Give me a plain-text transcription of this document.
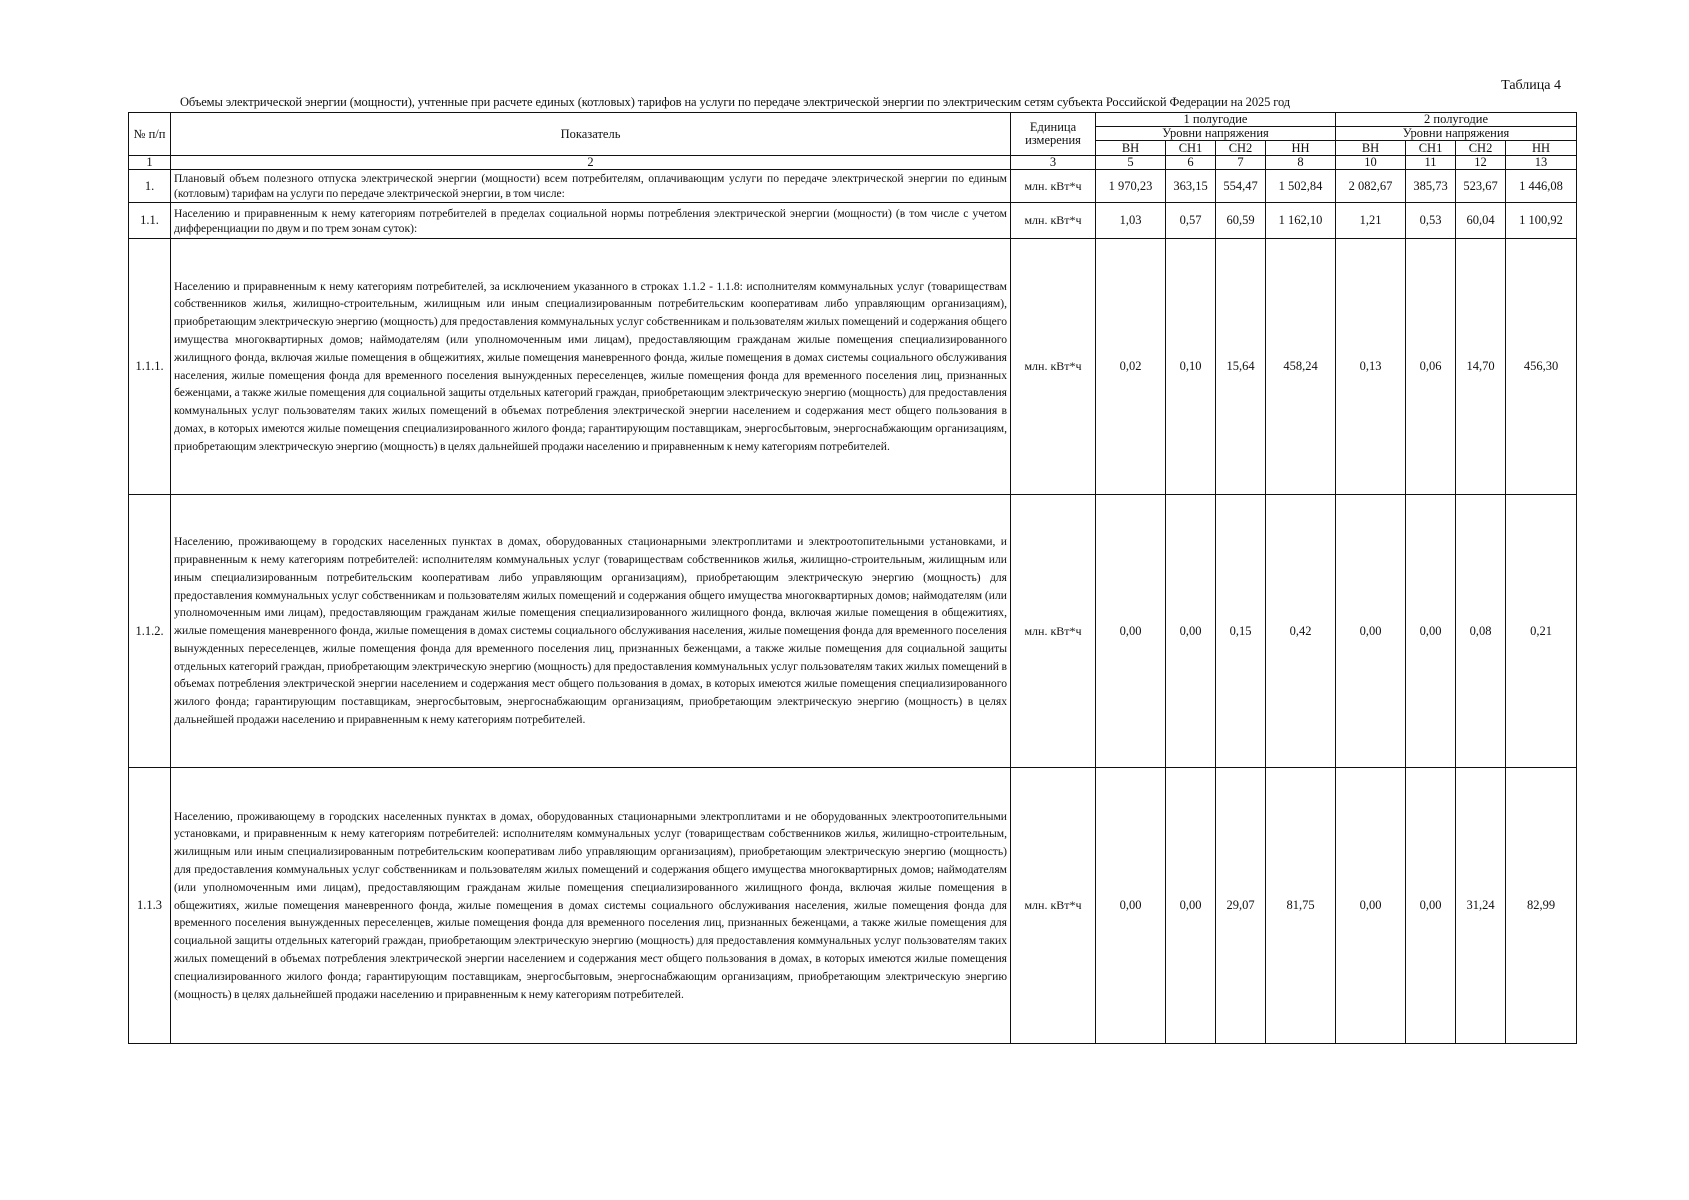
Таблица 4
Объемы электрической энергии (мощности), учтенные при расчете единых (котловых) тарифов на услуги по передаче электрической энергии по электрическим сетям субъекта Российской Федерации на 2025 год
№ п/п	Показатель	Единица измерения	1 полугодие				2 полугодие			
			Уровни напряжения				Уровни напряжения			
			ВН	СН1	СН2	НН	ВН	СН1	СН2	НН
1	2	3	5	6	7	8	10	11	12	13
1.	Плановый объем полезного отпуска электрической энергии (мощности) всем потребителям, оплачивающим услуги по передаче электрической энергии по единым (котловым) тарифам на услуги по передаче электрической энергии, в том числе:	млн. кВт*ч	1 970,23	363,15	554,47	1 502,84	2 082,67	385,73	523,67	1 446,08
1.1.	Населению и приравненным к нему категориям потребителей в пределах социальной нормы потребления электрической энергии (мощности) (в том числе с учетом дифференциации по двум и по трем зонам суток):	млн. кВт*ч	1,03	0,57	60,59	1 162,10	1,21	0,53	60,04	1 100,92
1.1.1.	Населению и приравненным к нему категориям потребителей, за исключением указанного в строках 1.1.2 - 1.1.8: исполнителям коммунальных услуг (товариществам собственников жилья, жилищно-строительным, жилищным или иным специализированным потребительским кооперативам либо управляющим организациям), приобретающим электрическую энергию (мощность) для предоставления коммунальных услуг собственникам и пользователям жилых помещений и содержания общего имущества многоквартирных домов; наймодателям (или уполномоченным ими лицам), предоставляющим гражданам жилые помещения специализированного жилищного фонда, включая жилые помещения в общежитиях, жилые помещения маневренного фонда, жилые помещения в домах системы социального обслуживания населения, жилые помещения фонда для временного поселения вынужденных переселенцев, жилые помещения фонда для временного поселения лиц, признанных беженцами, а также жилые помещения для социальной защиты отдельных категорий граждан, приобретающим электрическую энергию (мощность) для предоставления коммунальных услуг пользователям таких жилых помещений в объемах потребления электрической энергии населением и содержания мест общего пользования в домах, в которых имеются жилые помещения специализированного жилого фонда; гарантирующим поставщикам, энергосбытовым, энергоснабжающим организациям, приобретающим электрическую энергию (мощность) в целях дальнейшей продажи населению и приравненным к нему категориям потребителей.	млн. кВт*ч	0,02	0,10	15,64	458,24	0,13	0,06	14,70	456,30
1.1.2.	Населению, проживающему в городских населенных пунктах в домах, оборудованных стационарными электроплитами и электроотопительными установками, и приравненным к нему категориям потребителей: исполнителям коммунальных услуг (товариществам собственников жилья, жилищно-строительным, жилищным или иным специализированным потребительским кооперативам либо управляющим организациям), приобретающим электрическую энергию (мощность) для предоставления коммунальных услуг собственникам и пользователям жилых помещений и содержания общего имущества многоквартирных домов; наймодателям (или уполномоченным ими лицам), предоставляющим гражданам жилые помещения специализированного жилищного фонда, включая жилые помещения в общежитиях, жилые помещения маневренного фонда, жилые помещения в домах системы социального обслуживания населения, жилые помещения фонда для временного поселения вынужденных переселенцев, жилые помещения фонда для временного поселения лиц, признанных беженцами, а также жилые помещения для социальной защиты отдельных категорий граждан, приобретающим электрическую энергию (мощность) для предоставления коммунальных услуг пользователям таких жилых помещений в объемах потребления электрической энергии населением и содержания мест общего пользования в домах, в которых имеются жилые помещения специализированного жилого фонда; гарантирующим поставщикам, энергосбытовым, энергоснабжающим организациям, приобретающим электрическую энергию (мощность) в целях дальнейшей продажи населению и приравненным к нему категориям потребителей.	млн. кВт*ч	0,00	0,00	0,15	0,42	0,00	0,00	0,08	0,21
1.1.3	Населению, проживающему в городских населенных пунктах в домах, оборудованных стационарными электроплитами и не оборудованных электроотопительными установками, и приравненным к нему категориям потребителей: исполнителям коммунальных услуг (товариществам собственников жилья, жилищно-строительным, жилищным или иным специализированным потребительским кооперативам либо управляющим организациям), приобретающим электрическую энергию (мощность) для предоставления коммунальных услуг собственникам и пользователям жилых помещений и содержания общего имущества многоквартирных домов; наймодателям (или уполномоченным ими лицам), предоставляющим гражданам жилые помещения специализированного жилищного фонда, включая жилые помещения в общежитиях, жилые помещения маневренного фонда, жилые помещения в домах системы социального обслуживания населения, жилые помещения фонда для временного поселения вынужденных переселенцев, жилые помещения фонда для временного поселения лиц, признанных беженцами, а также жилые помещения для социальной защиты отдельных категорий граждан, приобретающим электрическую энергию (мощность) для предоставления коммунальных услуг пользователям таких жилых помещений в объемах потребления электрической энергии населением и содержания мест общего пользования в домах, в которых имеются жилые помещения специализированного жилого фонда; гарантирующим поставщикам, энергосбытовым, энергоснабжающим организациям, приобретающим электрическую энергию (мощность) в целях дальнейшей продажи населению и приравненным к нему категориям потребителей.	млн. кВт*ч	0,00	0,00	29,07	81,75	0,00	0,00	31,24	82,99
